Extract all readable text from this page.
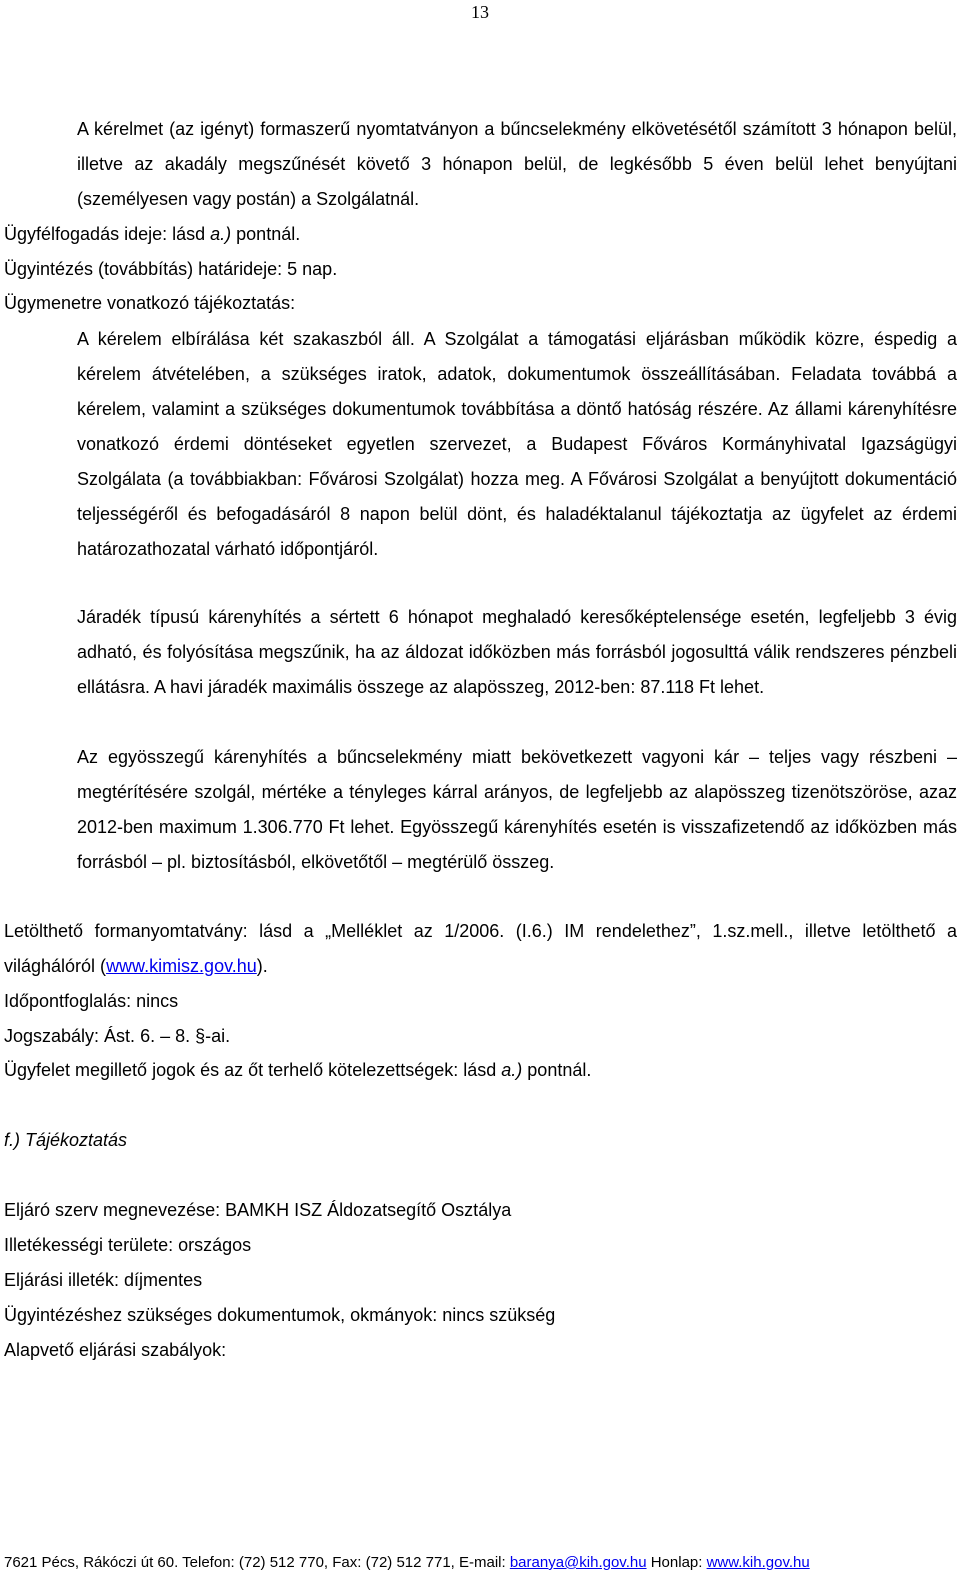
13
A kérelmet (az igényt) formaszerű nyomtatványon a bűncselekmény elkövetésétől számított 3 hónapon belül, illetve az akadály megszűnését követő 3 hónapon belül, de legkésőbb 5 éven belül lehet benyújtani (személyesen vagy postán) a Szolgálatnál.
Ügyfélfogadás ideje: lásd a.) pontnál.
Ügyintézés (továbbítás) határideje: 5 nap.
Ügymenetre vonatkozó tájékoztatás:
A kérelem elbírálása két szakaszból áll. A Szolgálat a támogatási eljárásban működik közre, éspedig a kérelem átvételében, a szükséges iratok, adatok, dokumentumok összeállításában. Feladata továbbá a kérelem, valamint a szükséges dokumentumok továbbítása a döntő hatóság részére. Az állami kárenyhítésre vonatkozó érdemi döntéseket egyetlen szervezet, a Budapest Főváros Kormányhivatal Igazságügyi Szolgálata (a továbbiakban: Fővárosi Szolgálat) hozza meg. A Fővárosi Szolgálat a benyújtott dokumentáció teljességéről és befogadásáról 8 napon belül dönt, és haladéktalanul tájékoztatja az ügyfelet az érdemi határozathozatal várható időpontjáról.
Járadék típusú kárenyhítés a sértett 6 hónapot meghaladó keresőképtelensége esetén, legfeljebb 3 évig adható, és folyósítása megszűnik, ha az áldozat időközben más forrásból jogosulttá válik rendszeres pénzbeli ellátásra. A havi járadék maximális összege az alapösszeg, 2012-ben: 87.118 Ft lehet.
Az egyösszegű kárenyhítés a bűncselekmény miatt bekövetkezett vagyoni kár – teljes vagy részbeni – megtérítésére szolgál, mértéke a tényleges kárral arányos, de legfeljebb az alapösszeg tizenötszöröse, azaz 2012-ben maximum 1.306.770 Ft lehet. Egyösszegű kárenyhítés esetén is visszafizetendő az időközben más forrásból – pl. biztosításból, elkövetőtől – megtérülő összeg.
Letölthető formanyomtatvány: lásd a „Melléklet az 1/2006. (I.6.) IM rendelethez”, 1.sz.mell., illetve letölthető a világhálóról (www.kimisz.gov.hu).
Időpontfoglalás: nincs
Jogszabály: Ást. 6. – 8. §-ai.
Ügyfelet megillető jogok és az őt terhelő kötelezettségek: lásd a.) pontnál.
f.) Tájékoztatás
Eljáró szerv megnevezése: BAMKH ISZ Áldozatsegítő Osztálya
Illetékességi területe: országos
Eljárási illeték: díjmentes
Ügyintézéshez szükséges dokumentumok, okmányok: nincs szükség
Alapvető eljárási szabályok:
7621 Pécs, Rákóczi út 60. Telefon: (72) 512 770, Fax: (72) 512 771, E-mail: baranya@kih.gov.hu Honlap: www.kih.gov.hu
